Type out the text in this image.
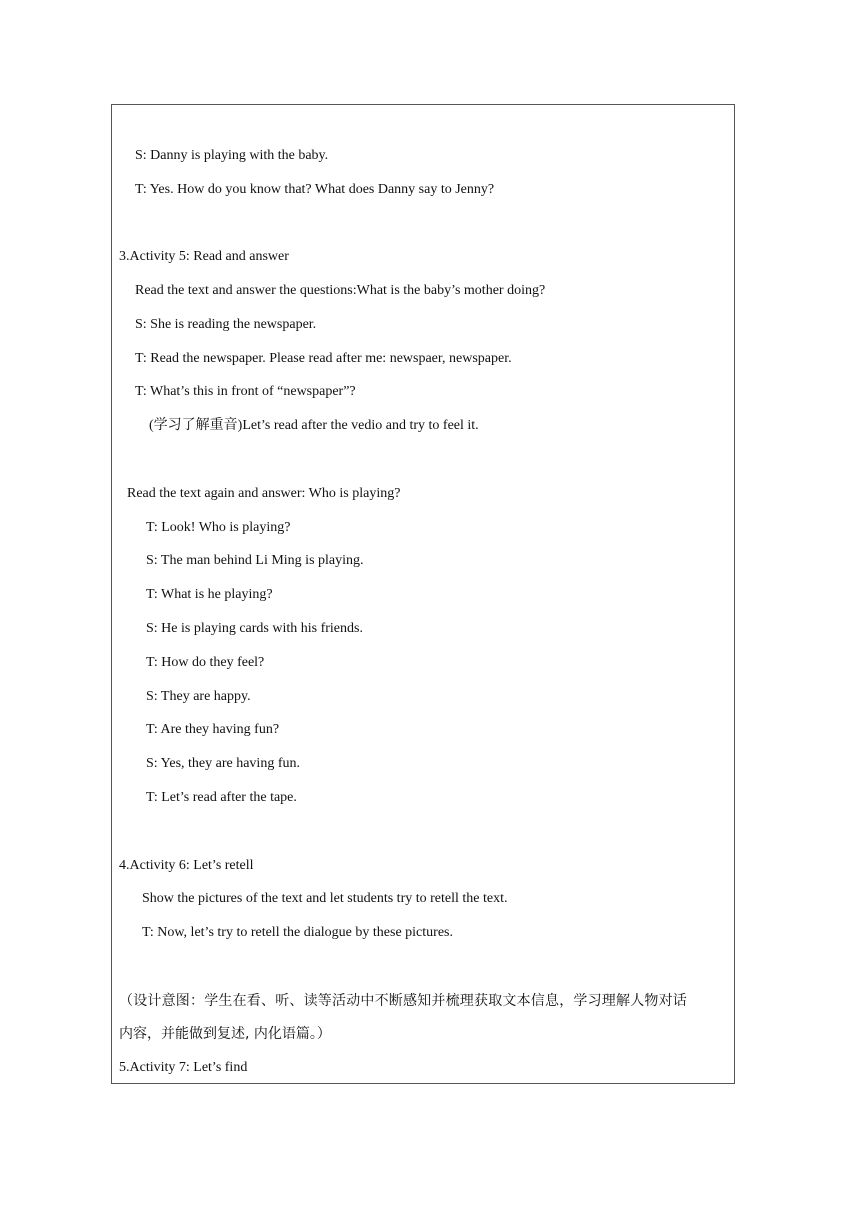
S: Danny is playing with the baby.
T: Yes. How do you know that? What does Danny say to Jenny?
3.Activity 5: Read and answer
Read the text and answer the questions:What is the baby’s mother doing?
S: She is reading the newspaper.
T: Read the newspaper. Please read after me: newspaer, newspaper.
T: What’s this in front of “newspaper”?
(学习了解重音)Let’s read after the vedio and try to feel it.
Read the text again and answer: Who is playing?
T: Look! Who is playing?
S: The man behind Li Ming is playing.
T: What is he playing?
S: He is playing cards with his friends.
T: How do they feel?
S: They are happy.
T: Are they having fun?
S: Yes, they are having fun.
T: Let’s read after the tape.
4.Activity 6: Let’s retell
Show the pictures of the text and let students try to retell the text.
T: Now, let’s try to retell the dialogue by these pictures.
（设计意图：学生在看、听、读等活动中不断感知并梳理获取文本信息，学习理解人物对话
内容，并能做到复述, 内化语篇。）
5.Activity 7: Let’s find
